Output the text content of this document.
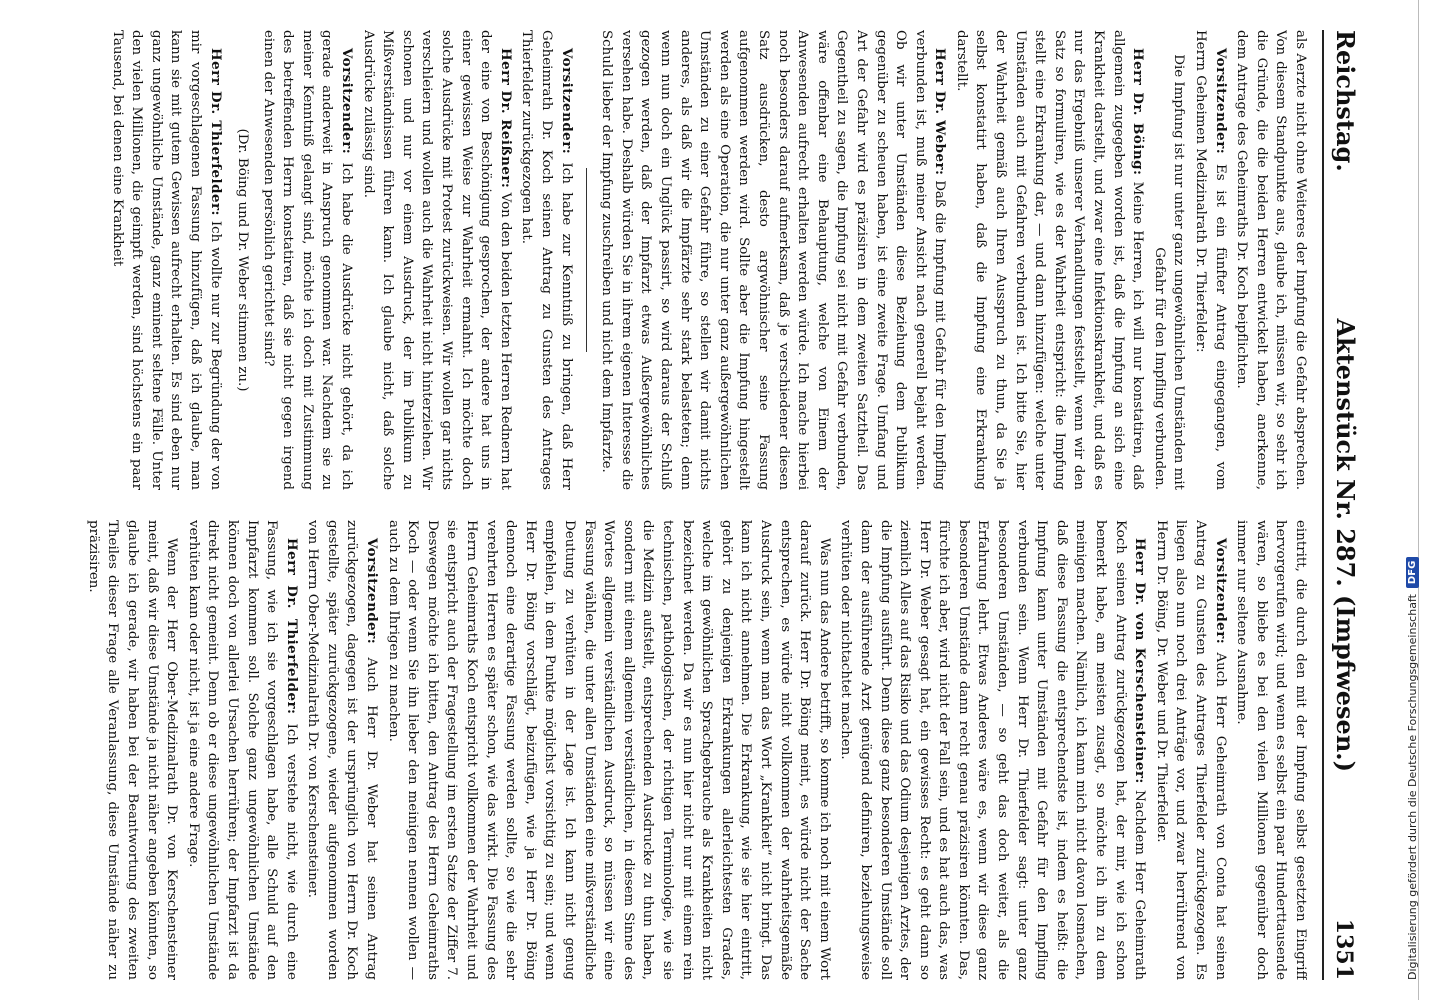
Reichstag.
Aktenstück Nr. 287. (Impfwesen.)
1351

als Aerzte nicht ohne Weiteres der Impfung die Gefahr absprechen. Von diesem Standpunkte aus, glaube ich, müssen wir, so sehr ich die Gründe, die die beiden Herren entwickelt haben, anerkenne, dem Antrage des Geheimraths Dr. Koch beipflichten.

Vorsitzender: Es ist ein fünfter Antrag eingegangen, vom Herrn Geheimen Medizinalrath Dr. Thierfelder:

Die Impfung ist nur unter ganz ungewöhnlichen Umständen mit Gefahr für den Impfling verbunden.

Herr Dr. Böing: Meine Herren, ich will nur konstatiren, daß allgemein zugegeben worden ist, daß die Impfung an sich eine Krankheit darstellt, und zwar eine Infektionskrankheit, und daß es nur das Ergebniß unserer Verhandlungen feststellt, wenn wir den Satz so formuliren, wie es der Wahrheit entspricht: die Impfung stellt eine Erkrankung dar, — und dann hinzufügen: welche unter Umständen auch mit Gefahren verbunden ist. Ich bitte Sie, hier der Wahrheit gemäß auch Ihren Ausspruch zu thun, da Sie ja selbst konstatirt haben, daß die Impfung eine Erkrankung darstellt.

Herr Dr. Weber: Daß die Impfung mit Gefahr für den Impfling verbunden ist, muß meiner Ansicht nach generell bejaht werden. Ob wir unter Umständen diese Beziehung dem Publikum gegenüber zu scheuen haben, ist eine zweite Frage. Umfang und Art der Gefahr wird es präzisiren in dem zweiten Satztheil. Das Gegentheil zu sagen, die Impfung sei nicht mit Gefahr verbunden, wäre offenbar eine Behauptung, welche von Einem der Anwesenden aufrecht erhalten werden würde. Ich mache hierbei noch besonders darauf aufmerksam, daß je verschiedener diesen Satz ausdrücken, desto argwöhnischer seine Fassung aufgenommen werden wird. Sollte aber die Impfung hingestellt werden als eine Operation, die nur unter ganz außergewöhnlichen Umständen zu einer Gefahr führe, so stellen wir damit nichts anderes, als daß wir die Impfärzte sehr stark belasteten; denn wenn nun doch ein Unglück passirt, so wird daraus der Schluß gezogen werden, daß der Impfarzt etwas Außergewöhnliches versehen habe. Deshalb würden Sie in ihrem eigenen Interesse die Schuld lieber der Impfung zuschreiben und nicht dem Impfarzte.

Vorsitzender: Ich habe zur Kenntniß zu bringen, daß Herr Geheimrath Dr. Koch seinen Antrag zu Gunsten des Antrages Thierfelder zurückgezogen hat.

Herr Dr. Reißner: Von den beiden letzten Herren Rednern hat der eine von Beschönigung gesprochen, der andere hat uns in einer gewissen Weise zur Wahrheit ermahnt. Ich möchte doch solche Ausdrücke mit Protest zurückweisen. Wir wollen gar nichts verschleiern und wollen auch die Wahrheit nicht hinterziehen. Wir schonen und nur vor einem Ausdruck, der im Publikum zu Mißverständnissen führen kann. Ich glaube nicht, daß solche Ausdrücke zulässig sind.

Vorsitzender: Ich habe die Ausdrücke nicht gehört, da ich gerade anderweit in Anspruch genommen war. Nachdem sie zu meiner Kenntniß gelangt sind, möchte ich doch mit Zustimmung des betreffenden Herrn konstatiren, daß sie nicht gegen irgend einen der Anwesenden persönlich gerichtet sind?

(Dr. Böing und Dr. Weber stimmen zu.)

Herr Dr. Thierfelder: Ich wollte nur zur Begründung der von mir vorgeschlagenen Fassung hinzufügen, daß ich glaube, man kann sie mit gutem Gewissen aufrecht erhalten. Es sind eben nur ganz ungewöhnliche Umstände, ganz eminent seltene Fälle. Unter den vielen Millionen, die geimpft werden, sind höchstens ein paar Tausend, bei denen eine Krankheit

eintritt, die durch den mit der Impfung selbst gesetzten Eingriff hervorgerufen wird; und wenn es selbst ein paar Hunderttausende wären, so bliebe es bei den vielen Millionen gegenüber doch immer nur seltene Ausnahme.

Vorsitzender: Auch Herr Geheimrath von Conta hat seinen Antrag zu Gunsten des Antrages Thierfelder zurückgezogen. Es liegen also nun noch drei Anträge vor, und zwar herrührend von Herrn Dr. Böing, Dr. Weber und Dr. Thierfelder.

Herr Dr. von Kerschensteiner: Nachdem Herr Geheimrath Koch seinen Antrag zurückgezogen hat, der mir, wie ich schon bemerkt habe, am meisten zusagt, so möchte ich ihn zu dem meinigen machen. Nämlich, ich kann mich nicht davon losmachen, daß diese Fassung die entsprechendste ist, indem es heißt: die Impfung kann unter Umständen mit Gefahr für den Impfling verbunden sein. Wenn Herr Dr. Thierfelder sagt: unter ganz besonderen Umständen, — so geht das doch weiter, als die Erfahrung lehrt. Etwas Anderes wäre es, wenn wir diese ganz besonderen Umstände dann recht genau präzisiren könnten. Das, fürchte ich aber, wird nicht der Fall sein, und es hat auch das, was Herr Dr. Weber gesagt hat, ein gewisses Recht: es geht dann so ziemlich Alles auf das Risiko und das Odium desjenigen Arztes, der die Impfung ausführt. Denn diese ganz besonderen Umstände soll dann der ausführende Arzt genügend definiren, beziehungsweise verhüten oder nichtachtet machen.

Was nun das Andere betrifft, so komme ich noch mit einem Wort darauf zurück. Herr Dr. Böing meint, es würde nicht der Sache entsprechen, es würde nicht vollkommen der wahrheitsgemäße Ausdruck sein, wenn man das Wort „Krankheit“ nicht bringt. Das kann ich nicht annehmen. Die Erkrankung, wie sie hier eintritt, gehört zu denjenigen Erkrankungen allerleichtesten Grades, welche im gewöhnlichen Sprachgebrauche als Krankheiten nicht bezeichnet werden. Da wir es nun hier nicht nur mit einem rein technischen, pathologischen, der richtigen Terminologie, wie sie die Medizin aufstellt, entsprechenden Ausdrucke zu thun haben, sondern mit einem allgemein verständlichen, in diesem Sinne des Wortes allgemein verständlichen Ausdruck, so müssen wir eine Fassung wählen, die unter allen Umständen eine mißverständliche Deutung zu verhüten in der Lage ist. Ich kann nicht genug empfehlen, in dem Punkte möglichst vorsichtig zu sein; und wenn Herr Dr. Böing vorschlägt, beizufügen, wie ja Herr Dr. Böing dennoch eine derartige Fassung werden sollte, so wie die sehr verehrten Herren es später schon, wie das wirkt. Die Fassung des Herrn Geheimraths Koch entspricht vollkommen der Wahrheit und sie entspricht auch der Fragestellung im ersten Satze der Ziffer 7. Deswegen möchte ich bitten, den Antrag des Herrn Geheimraths Koch — oder wenn Sie ihn lieber den meinigen nennen wollen — auch zu dem Ihrigen zu machen.

Vorsitzender: Auch Herr Dr. Weber hat seinen Antrag zurückgezogen, dagegen ist der ursprünglich von Herrn Dr. Koch gestellte, später zurückgezogene, wieder aufgenommen worden von Herrn Ober-Medizinalrath Dr. von Kerschensteiner.

Herr Dr. Thierfelder: Ich verstehe nicht, wie durch eine Fassung, wie ich sie vorgeschlagen habe, alle Schuld auf den Impfarzt kommen soll. Solche ganz ungewöhnlichen Umstände können doch von allerlei Ursachen herrühren; der Impfarzt ist da direkt nicht gemeint. Denn ob er diese ungewöhnlichen Umstände verhüten kann oder nicht, ist ja eine andere Frage.

Wenn der Herr Ober-Medizinalrath Dr. von Kerschensteiner meint, daß wir diese Umstände ja nicht näher angeben könnten, so glaube ich gerade, wir haben bei der Beantwortung des zweiten Theiles dieser Frage alle Veranlassung, diese Umstände näher zu präzisiren.

Digitalisierung gefördert durch die Deutsche Forschungsgemeinschaft
DFG
